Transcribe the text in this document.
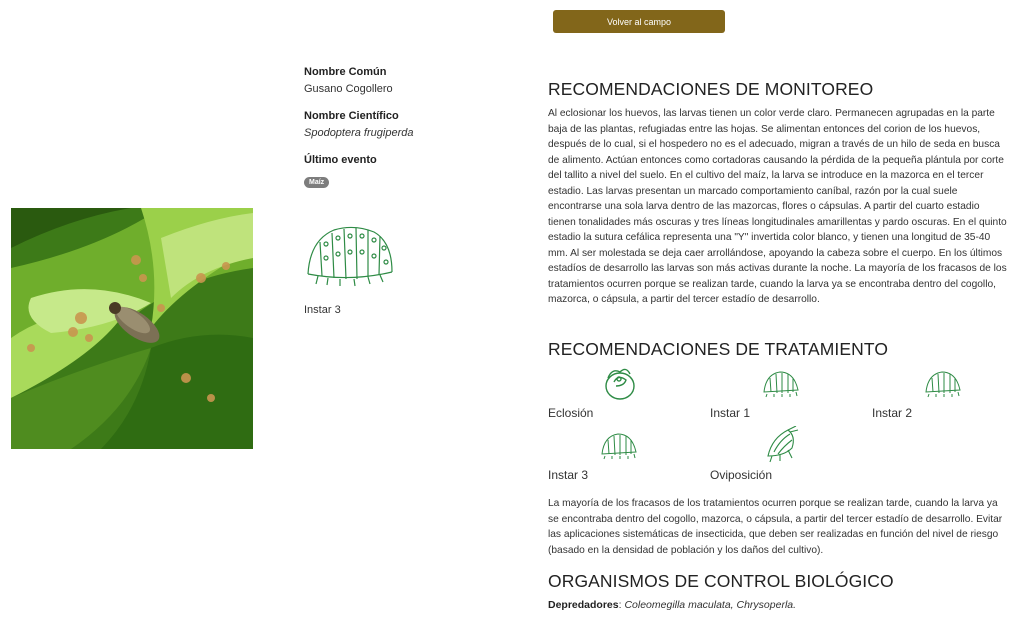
Volver al campo
Nombre Común
Gusano Cogollero
Nombre Científico
Spodoptera frugiperda
Último evento
Maíz
Instar 3
RECOMENDACIONES DE MONITOREO

Al eclosionar los huevos, las larvas tienen un color verde claro. Permanecen agrupadas en la parte baja de las plantas, refugiadas entre las hojas. Se alimentan entonces del corion de los huevos, después de lo cual, si el hospedero no es el adecuado, migran a través de un hilo de seda en busca de alimento. Actúan entonces como cortadoras causando la pérdida de la pequeña plántula por corte del tallito a nivel del suelo. En el cultivo del maíz, la larva se introduce en la mazorca en el tercer estadio. Las larvas presentan un marcado comportamiento caníbal, razón por la cual suele encontrarse una sola larva dentro de las mazorcas, flores o cápsulas. A partir del cuarto estadio tienen tonalidades más oscuras y tres líneas longitudinales amarillentas y pardo oscuras. En el quinto estadio la sutura cefálica representa una "Y" invertida color blanco, y tienen una longitud de 35-40 mm. Al ser molestada se deja caer arrollándose, apoyando la cabeza sobre el cuerpo. En los últimos estadíos de desarrollo las larvas son más activas durante la noche. La mayoría de los fracasos de los tratamientos ocurren porque se realizan tarde, cuando la larva ya se encontraba dentro del cogollo, mazorca, o cápsula, a partir del tercer estadío de desarrollo.

RECOMENDACIONES DE TRATAMIENTO
Eclosión	Instar 1	Instar 2
Instar 3	Oviposición

La mayoría de los fracasos de los tratamientos ocurren porque se realizan tarde, cuando la larva ya se encontraba dentro del cogollo, mazorca, o cápsula, a partir del tercer estadío de desarrollo. Evitar las aplicaciones sistemáticas de insecticida, que deben ser realizadas en función del nivel de riesgo (basado en la densidad de población y los daños del cultivo).

ORGANISMOS DE CONTROL BIOLÓGICO
Depredadores: Coleomegilla maculata, Chrysoperla.
